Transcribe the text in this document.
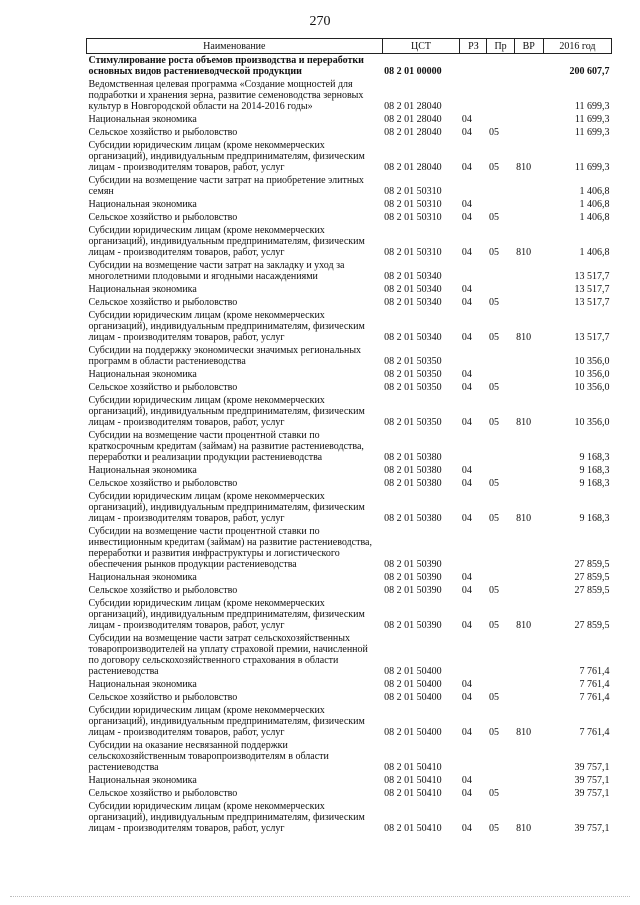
270
Наименование	ЦСТ	РЗ	Пр	ВР	2016 год
Стимулирование роста объемов производства и переработки основных видов растениеводческой продукции	08 2 01 00000				200 607,7
Ведомственная целевая программа «Создание мощностей для подработки и хранения зерна, развитие семеноводства зерновых культур в Новгородской области на 2014-2016 годы»	08 2 01 28040				11 699,3
Национальная экономика	08 2 01 28040	04			11 699,3
Сельское хозяйство и рыболовство	08 2 01 28040	04	05		11 699,3
Субсидии юридическим лицам (кроме некоммерческих организаций), индивидуальным предпринимателям, физическим лицам - производителям товаров, работ, услуг	08 2 01 28040	04	05	810	11 699,3
Субсидии на возмещение части затрат на приобретение элитных семян	08 2 01 50310				1 406,8
Национальная экономика	08 2 01 50310	04			1 406,8
Сельское хозяйство и рыболовство	08 2 01 50310	04	05		1 406,8
Субсидии юридическим лицам (кроме некоммерческих организаций), индивидуальным предпринимателям, физическим лицам - производителям товаров, работ, услуг	08 2 01 50310	04	05	810	1 406,8
Субсидии на возмещение части затрат на закладку и уход за многолетними плодовыми и ягодными насаждениями	08 2 01 50340				13 517,7
Национальная экономика	08 2 01 50340	04			13 517,7
Сельское хозяйство и рыболовство	08 2 01 50340	04	05		13 517,7
Субсидии юридическим лицам (кроме некоммерческих организаций), индивидуальным предпринимателям, физическим лицам - производителям товаров, работ, услуг	08 2 01 50340	04	05	810	13 517,7
Субсидии на поддержку экономически значимых региональных программ в области растениеводства	08 2 01 50350				10 356,0
Национальная экономика	08 2 01 50350	04			10 356,0
Сельское хозяйство и рыболовство	08 2 01 50350	04	05		10 356,0
Субсидии юридическим лицам (кроме некоммерческих организаций), индивидуальным предпринимателям, физическим лицам - производителям товаров, работ, услуг	08 2 01 50350	04	05	810	10 356,0
Субсидии на возмещение части процентной ставки по краткосрочным кредитам (займам) на развитие растениеводства, переработки и реализации продукции растениеводства	08 2 01 50380				9 168,3
Национальная экономика	08 2 01 50380	04			9 168,3
Сельское хозяйство и рыболовство	08 2 01 50380	04	05		9 168,3
Субсидии юридическим лицам (кроме некоммерческих организаций), индивидуальным предпринимателям, физическим лицам - производителям товаров, работ, услуг	08 2 01 50380	04	05	810	9 168,3
Субсидии на возмещение части процентной ставки по инвестиционным кредитам (займам) на развитие растениеводства, переработки и развития инфраструктуры и логистического обеспечения рынков продукции растениеводства	08 2 01 50390				27 859,5
Национальная экономика	08 2 01 50390	04			27 859,5
Сельское хозяйство и рыболовство	08 2 01 50390	04	05		27 859,5
Субсидии юридическим лицам (кроме некоммерческих организаций), индивидуальным предпринимателям, физическим лицам - производителям товаров, работ, услуг	08 2 01 50390	04	05	810	27 859,5
Субсидии на возмещение части затрат сельскохозяйственных товаропроизводителей на уплату страховой премии, начисленной по договору сельскохозяйственного страхования в области растениеводства	08 2 01 50400				7 761,4
Национальная экономика	08 2 01 50400	04			7 761,4
Сельское хозяйство и рыболовство	08 2 01 50400	04	05		7 761,4
Субсидии юридическим лицам (кроме некоммерческих организаций), индивидуальным предпринимателям, физическим лицам - производителям товаров, работ, услуг	08 2 01 50400	04	05	810	7 761,4
Субсидии на оказание несвязанной поддержки сельскохозяйственным товаропроизводителям в области растениеводства	08 2 01 50410				39 757,1
Национальная экономика	08 2 01 50410	04			39 757,1
Сельское хозяйство и рыболовство	08 2 01 50410	04	05		39 757,1
Субсидии юридическим лицам (кроме некоммерческих организаций), индивидуальным предпринимателям, физическим лицам - производителям товаров, работ, услуг	08 2 01 50410	04	05	810	39 757,1
